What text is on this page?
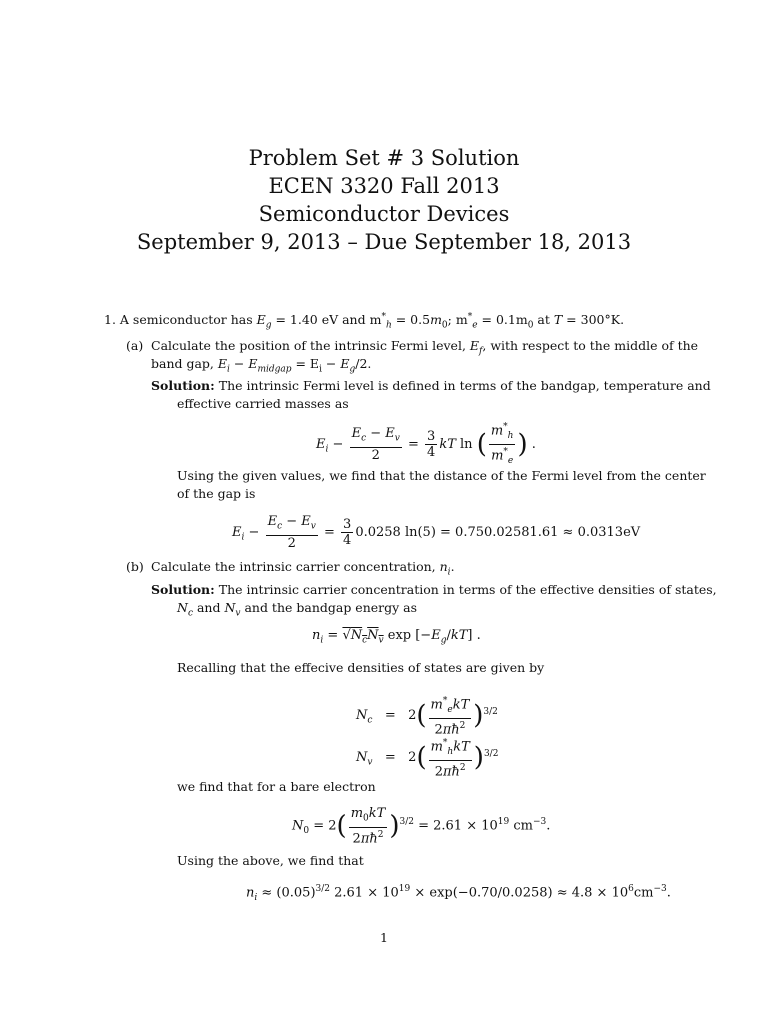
Problem Set # 3 Solution
ECEN 3320 Fall 2013
Semiconductor Devices
September 9, 2013 – Due September 18, 2013
1. A semiconductor has $E_g = 1.40$ eV and $m^*_h = 0.5m_0$; $m^*_e = 0.1m_0$ at T = 300°K.
(a) Calculate the position of the intrinsic Fermi level, $E_f$, with respect to the middle of the
band gap, $E_i - E_{midgap} = E_i - E_g/2$.
Solution: The intrinsic Fermi level is defined in terms of the bandgap, temperature and
effective carried masses as
$E_i - \frac{E_c - E_v}{2} = \frac{3}{4}$ kT ln ( $\frac{m^*_h}{m^*_e}$ ) .
Using the given values, we find that the distance of the Fermi level from the center
of the gap is
$E_i - \frac{E_c - E_v}{2} = \frac{3}{4} 0.0258$ ln(5) = 0.750.02581.61 ≈ 0.0313eV
(b) Calculate the intrinsic carrier concentration, $n_i$.
Solution: The intrinsic carrier concentration in terms of the effective densities of states,
$N_c$ and $N_v$ and the bandgap energy as
$n_i = √N_cN_v$ $\exp [-E_g/kT]$ .
Recalling that the effecive densities of states are given by
$N_c = 2( \frac{m^*_ekT}{2\pi ħ^2} )^{3/2}$
$N_v = 2( \frac{m^*_hkT}{2\pi ħ^2} )^{3/2}$
we find that for a bare electron
$N_0 = 2( \frac{m_0kT}{2\pi ħ^2} )^{3/2} = 2.61 \times 10^{19}$ $cm^{-3}$.
Using the above, we find that
$n_i \approx (0.05)^{3/2}$ $2.61 \times 10^{19} \times \exp(-0.70/0.0258) \approx 4.8 \times 10^6cm^{-3}$.
1
